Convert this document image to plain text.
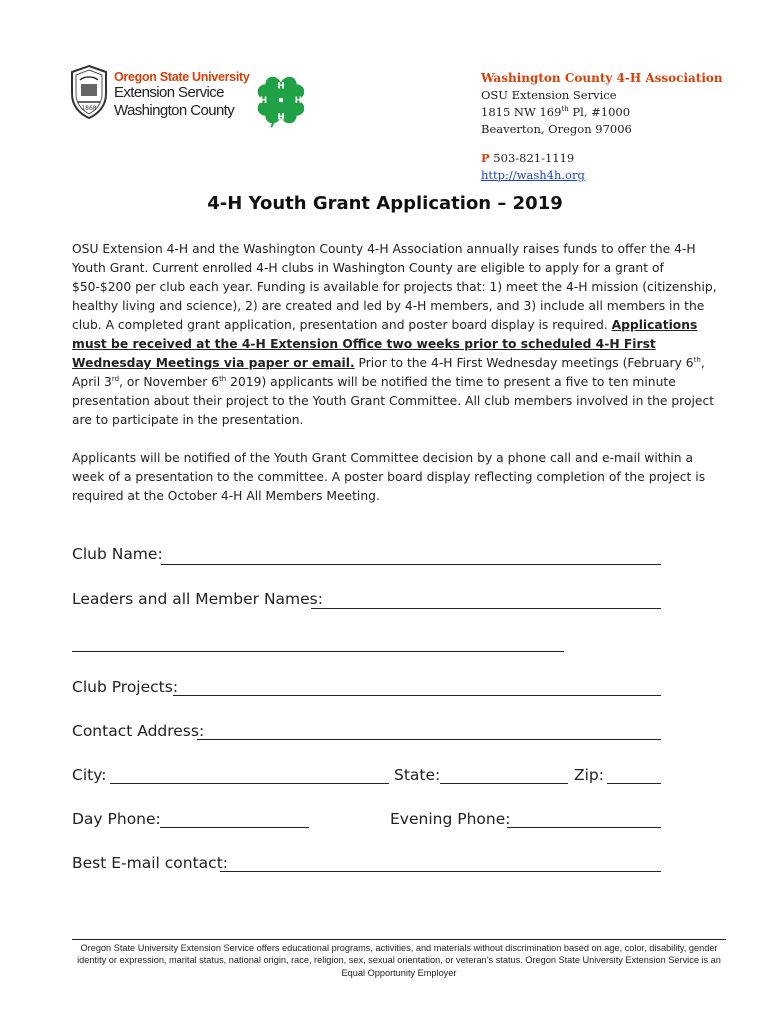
1868
Oregon State University
Extension Service
Washington County
H
H	H
H
Washington County 4-H Association
OSU Extension Service
1815 NW 169th Pl, #1000
Beaverton, Oregon 97006
P 503-821-1119
http://wash4h.org
4-H Youth Grant Application – 2019
OSU Extension 4-H and the Washington County 4-H Association annually raises funds to offer the 4-H Youth Grant. Current enrolled 4-H clubs in Washington County are eligible to apply for a grant of $50-$200 per club each year. Funding is available for projects that: 1) meet the 4-H mission (citizenship, healthy living and science), 2) are created and led by 4-H members, and 3) include all members in the club. A completed grant application, presentation and poster board display is required. Applications must be received at the 4-H Extension Office two weeks prior to scheduled 4-H First Wednesday Meetings via paper or email. Prior to the 4-H First Wednesday meetings (February 6th, April 3rd, or November 6th 2019) applicants will be notified the time to present a five to ten minute presentation about their project to the Youth Grant Committee. All club members involved in the project are to participate in the presentation.
Applicants will be notified of the Youth Grant Committee decision by a phone call and e-mail within a week of a presentation to the committee. A poster board display reflecting completion of the project is required at the October 4-H All Members Meeting.
Club Name:
Leaders and all Member Names:
Club Projects:
Contact Address:
City:	State:	Zip:
Day Phone:	Evening Phone:
Best E-mail contact:
Oregon State University Extension Service offers educational programs, activities, and materials without discrimination based on age, color, disability, gender identity or expression, marital status, national origin, race, religion, sex, sexual orientation, or veteran’s status. Oregon State University Extension Service is an Equal Opportunity Employer
